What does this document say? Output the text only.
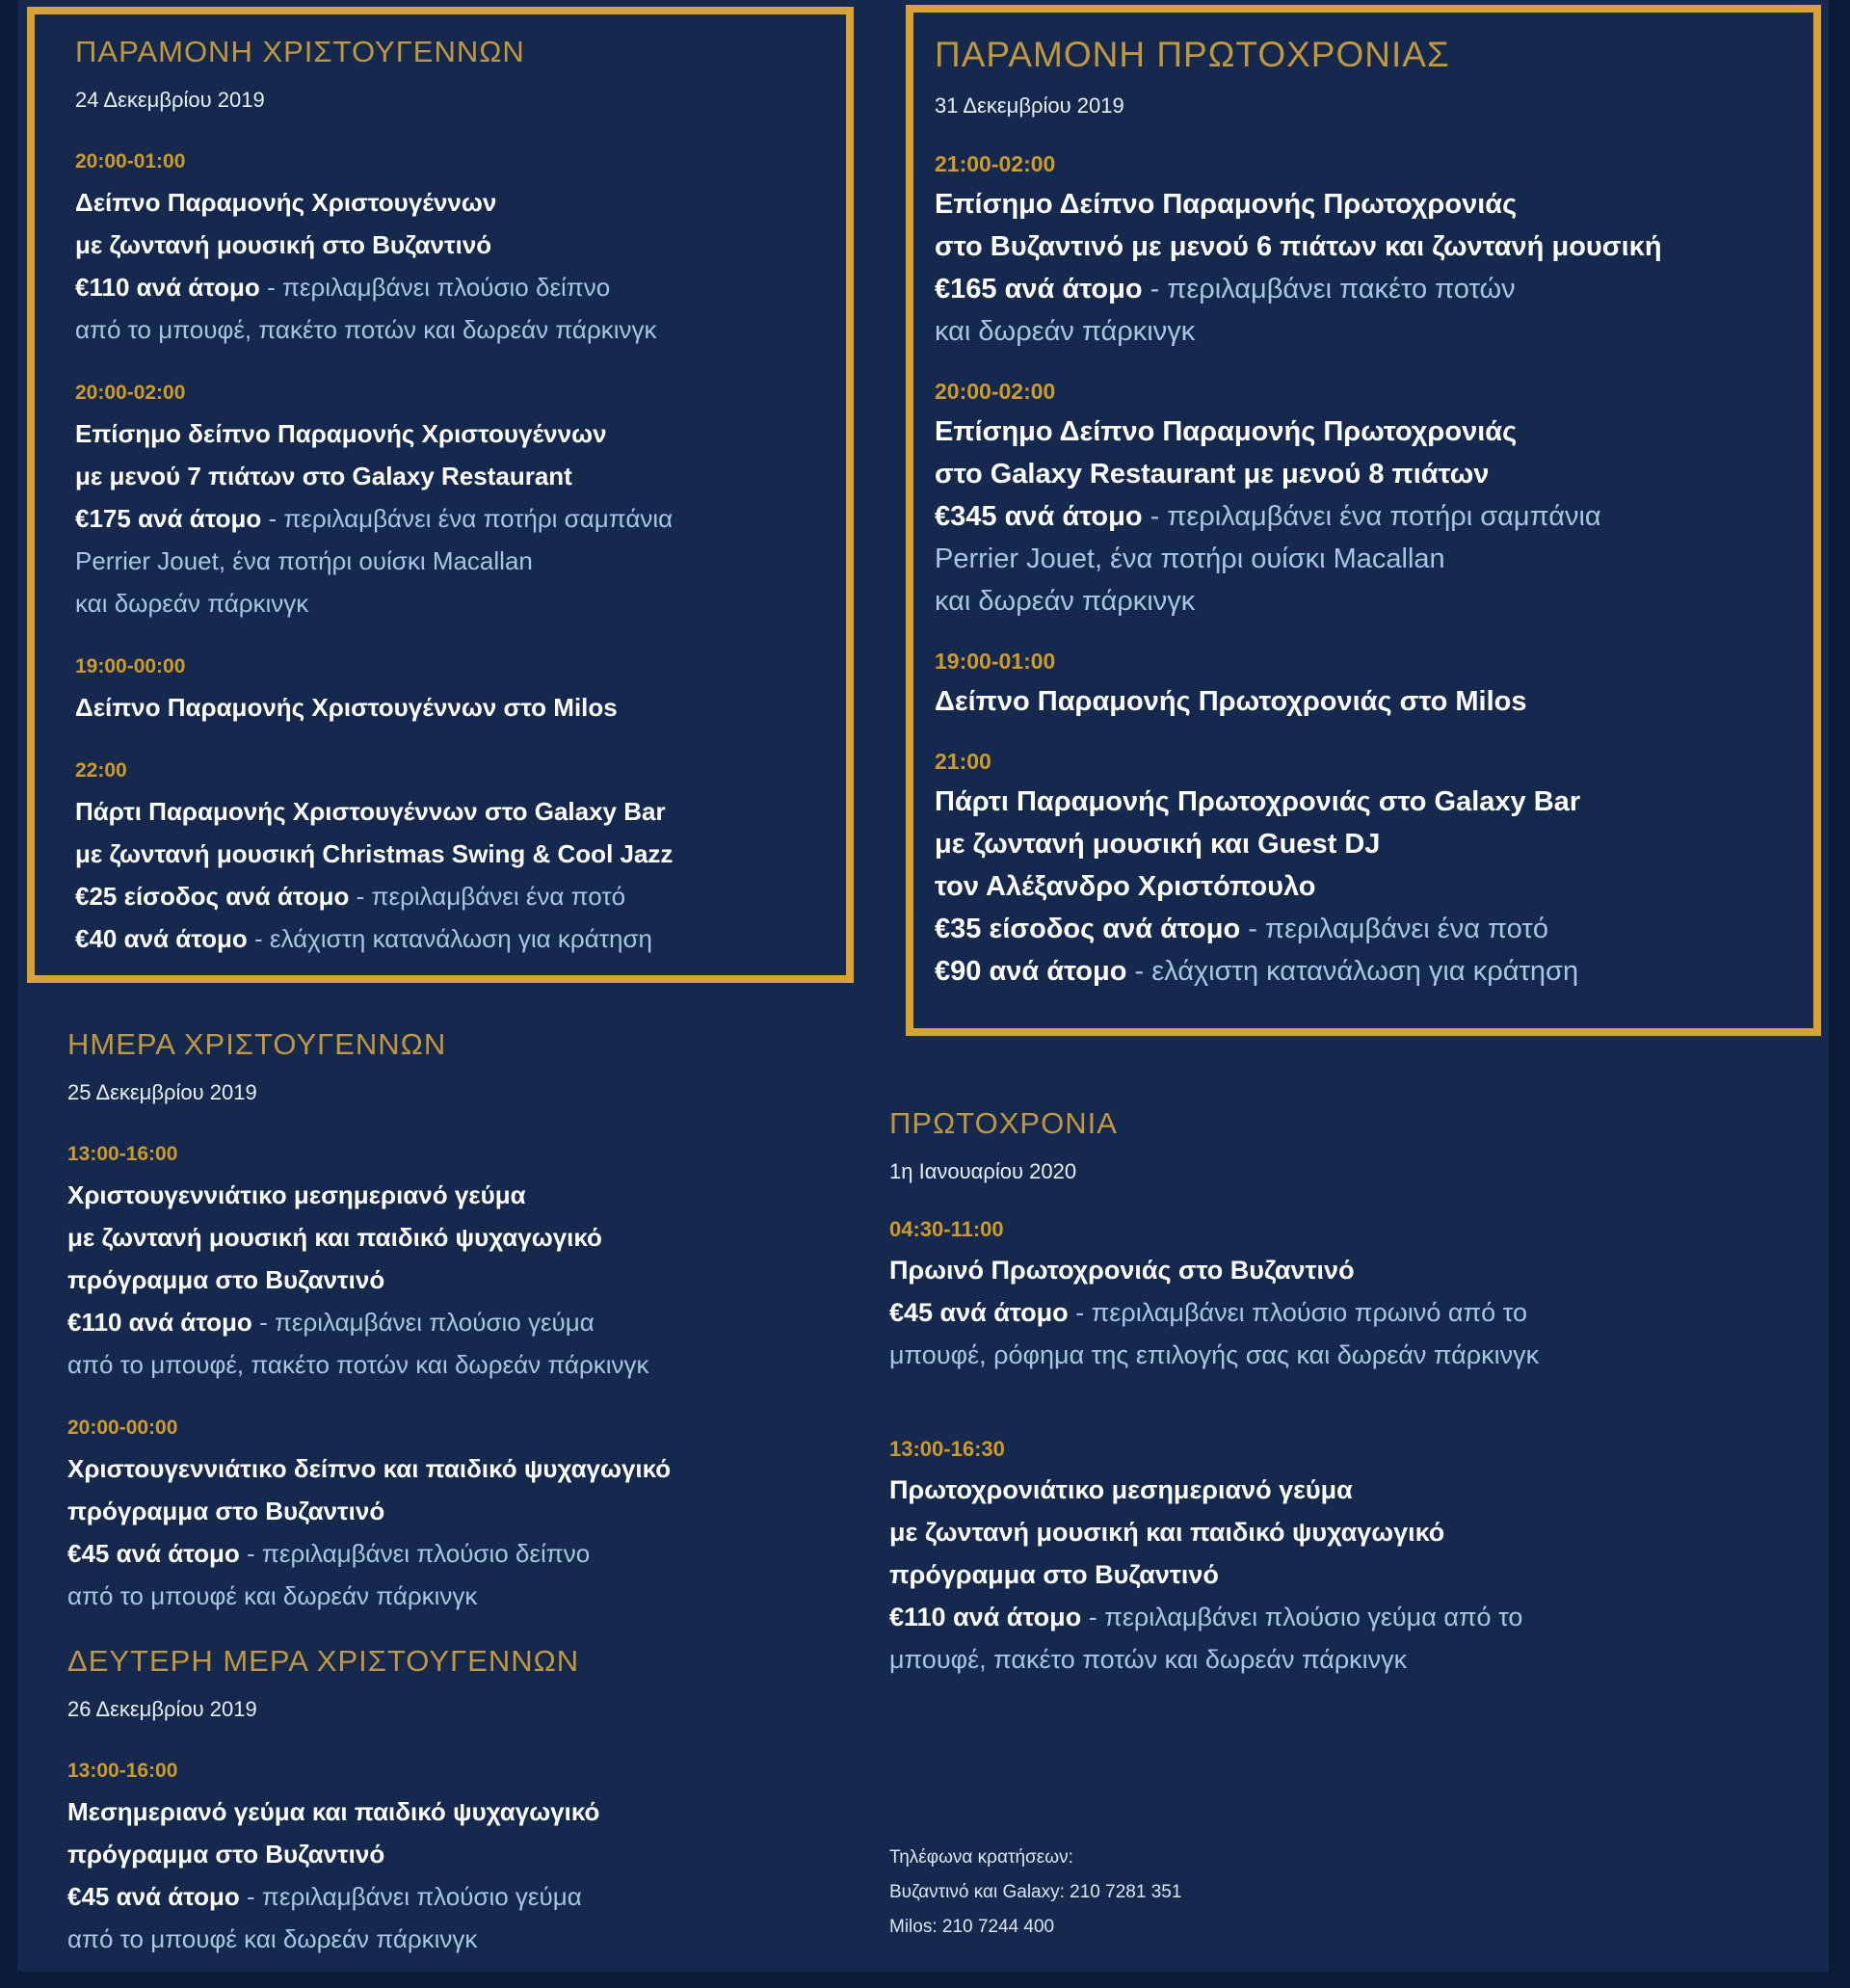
ΠΑΡΑΜΟΝΗ ΧΡΙΣΤΟΥΓΕΝΝΩΝ
24 Δεκεμβρίου 2019
20:00-01:00
Δείπνο Παραμονής Χριστουγέννων
με ζωντανή μουσική στο Βυζαντινό
€110 ανά άτομο - περιλαμβάνει πλούσιο δείπνο
από το μπουφέ, πακέτο ποτών και δωρεάν πάρκινγκ
20:00-02:00
Επίσημο δείπνο Παραμονής Χριστουγέννων
με μενού 7 πιάτων στο Galaxy Restaurant
€175 ανά άτομο - περιλαμβάνει ένα ποτήρι σαμπάνια
Perrier Jouet, ένα ποτήρι ουίσκι Macallan
και δωρεάν πάρκινγκ
19:00-00:00
Δείπνο Παραμονής Χριστουγέννων στο Milos
22:00
Πάρτι Παραμονής Χριστουγέννων στο Galaxy Bar
με ζωντανή μουσική Christmas Swing & Cool Jazz
€25 είσοδος ανά άτομο - περιλαμβάνει ένα ποτό
€40 ανά άτομο - ελάχιστη κατανάλωση για κράτηση
ΠΑΡΑΜΟΝΗ ΠΡΩΤΟΧΡΟΝΙΑΣ
31 Δεκεμβρίου 2019
21:00-02:00
Επίσημο Δείπνο Παραμονής Πρωτοχρονιάς
στο Βυζαντινό με μενού 6 πιάτων και ζωντανή μουσική
€165 ανά άτομο - περιλαμβάνει πακέτο ποτών
και δωρεάν πάρκινγκ
20:00-02:00
Επίσημο Δείπνο Παραμονής Πρωτοχρονιάς
στο Galaxy Restaurant με μενού 8 πιάτων
€345 ανά άτομο - περιλαμβάνει ένα ποτήρι σαμπάνια
Perrier Jouet, ένα ποτήρι ουίσκι Macallan
και δωρεάν πάρκινγκ
19:00-01:00
Δείπνο Παραμονής Πρωτοχρονιάς στο Milos
21:00
Πάρτι Παραμονής Πρωτοχρονιάς στο Galaxy Bar
με ζωντανή μουσική και Guest DJ
τον Αλέξανδρο Χριστόπουλο
€35 είσοδος ανά άτομο - περιλαμβάνει ένα ποτό
€90 ανά άτομο - ελάχιστη κατανάλωση για κράτηση
ΗΜΕΡΑ ΧΡΙΣΤΟΥΓΕΝΝΩΝ
25 Δεκεμβρίου 2019
13:00-16:00
Χριστουγεννιάτικο μεσημεριανό γεύμα
με ζωντανή μουσική και παιδικό ψυχαγωγικό
πρόγραμμα στο Βυζαντινό
€110 ανά άτομο - περιλαμβάνει πλούσιο γεύμα
από το μπουφέ, πακέτο ποτών και δωρεάν πάρκινγκ
20:00-00:00
Χριστουγεννιάτικο δείπνο και παιδικό ψυχαγωγικό
πρόγραμμα στο Βυζαντινό
€45 ανά άτομο - περιλαμβάνει πλούσιο δείπνο
από το μπουφέ και δωρεάν πάρκινγκ
ΔΕΥΤΕΡΗ ΜΕΡΑ ΧΡΙΣΤΟΥΓΕΝΝΩΝ
26 Δεκεμβρίου 2019
13:00-16:00
Μεσημεριανό γεύμα και παιδικό ψυχαγωγικό
πρόγραμμα στο Βυζαντινό
€45 ανά άτομο - περιλαμβάνει πλούσιο γεύμα
από το μπουφέ και δωρεάν πάρκινγκ
ΠΡΩΤΟΧΡΟΝΙΑ
1η Ιανουαρίου 2020
04:30-11:00
Πρωινό Πρωτοχρονιάς στο Βυζαντινό
€45 ανά άτομο - περιλαμβάνει πλούσιο πρωινό από το
μπουφέ, ρόφημα της επιλογής σας και δωρεάν πάρκινγκ
13:00-16:30
Πρωτοχρονιάτικο μεσημεριανό γεύμα
με ζωντανή μουσική και παιδικό ψυχαγωγικό
πρόγραμμα στο Βυζαντινό
€110 ανά άτομο - περιλαμβάνει πλούσιο γεύμα από το
μπουφέ, πακέτο ποτών και δωρεάν πάρκινγκ
Τηλέφωνα κρατήσεων:
Βυζαντινό και Galaxy: 210 7281 351
Milos: 210 7244 400
